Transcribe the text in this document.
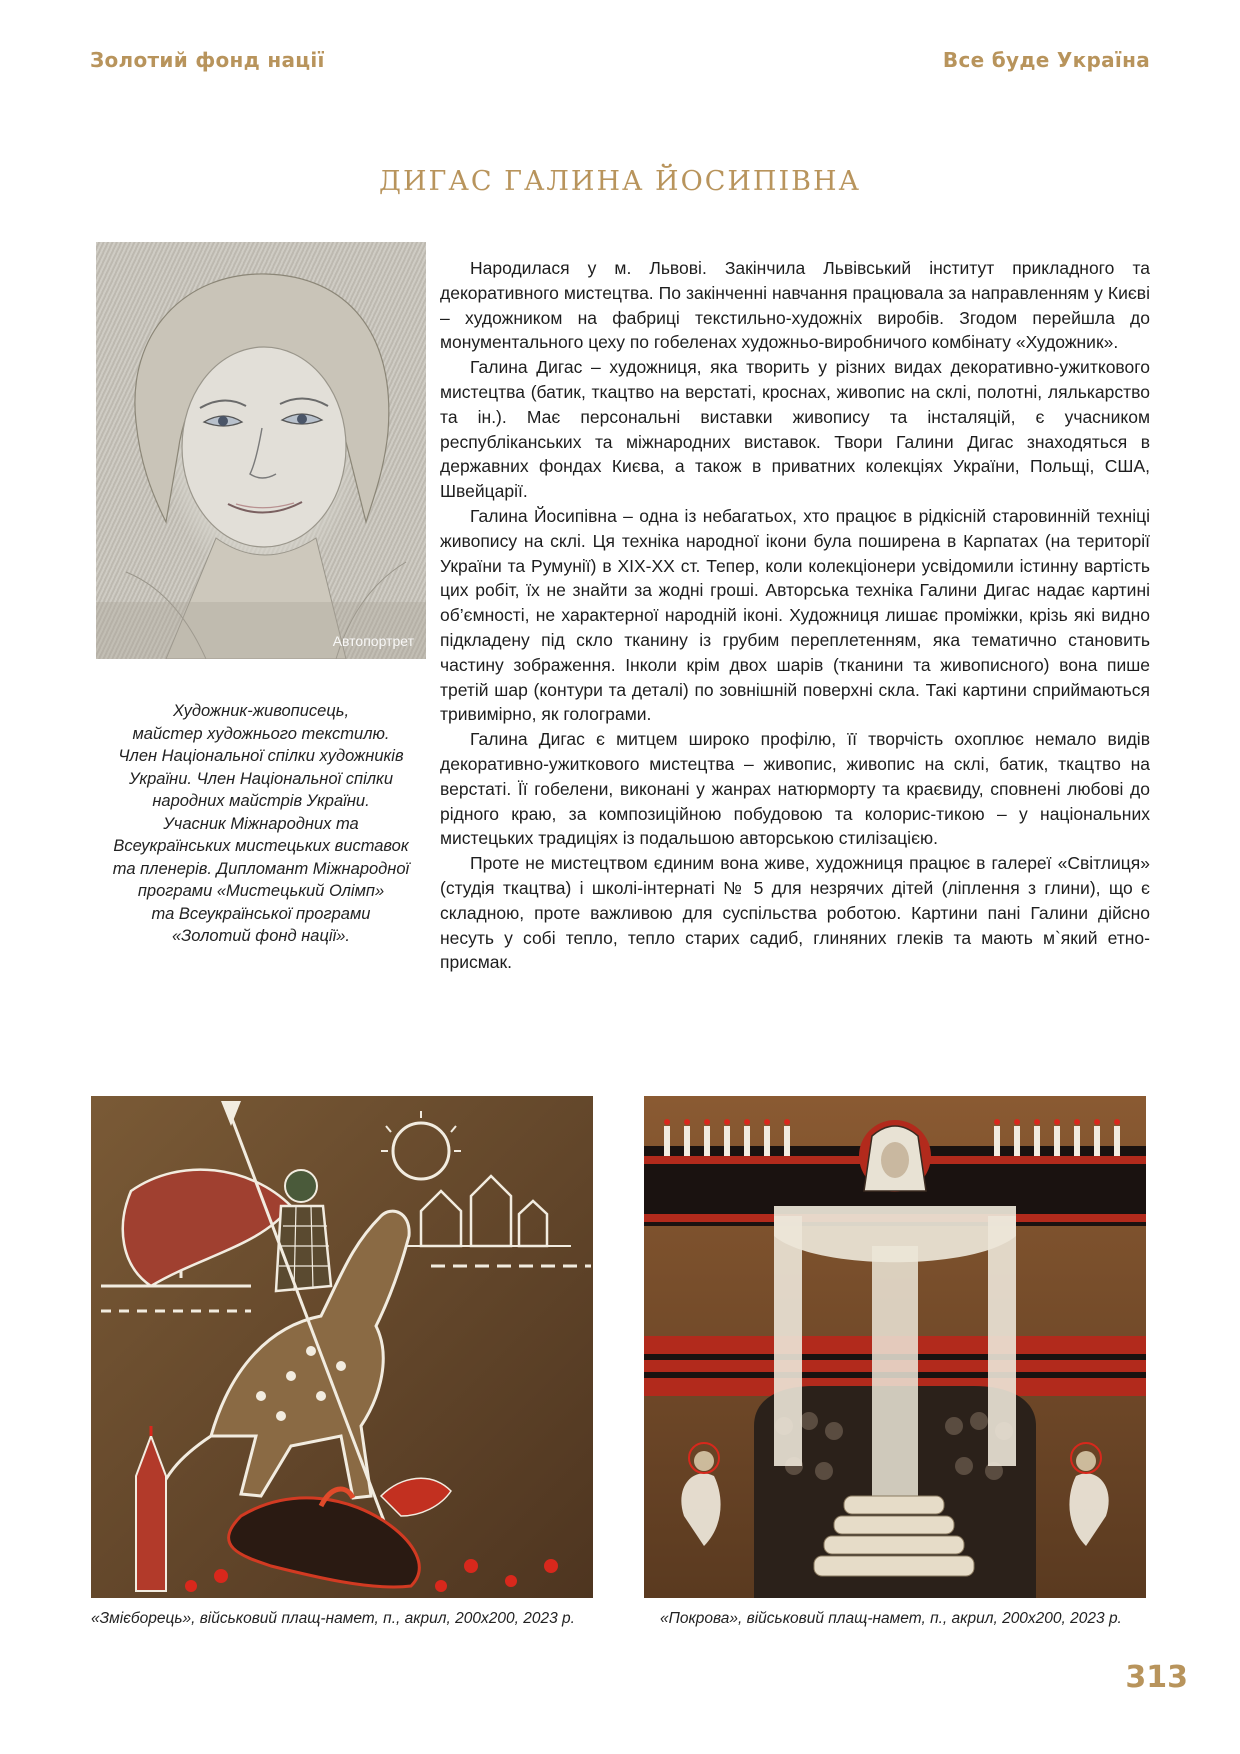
Золотий фонд нації	Все буде Україна
ДИГАС ГАЛИНА ЙОСИПІВНА
Автопортрет
Художник-живописець,
майстер художнього текстилю.
Член Національної спілки художників
України. Член Національної спілки
народних майстрів України.
Учасник Міжнародних та
Всеукраїнських мистецьких виставок
та пленерів. Дипломант Міжнародної
програми «Мистецький Олімп»
та Всеукраїнської програми
«Золотий фонд нації».

Народилася у м. Львові. Закінчила Львівський інститут прикладного та декоративного мистецтва. По закінченні навчання працювала за направленням у Києві – художником на фабриці текстильно-художніх виробів. Згодом перейшла до монументального цеху по гобеленах художньо-виробничого комбінату «Художник».

Галина Дигас – художниця, яка творить у різних видах декоративно-ужиткового мистецтва (батик, ткацтво на верстаті, кроснах, живопис на склі, полотні, лялькарство та ін.). Має персональні виставки живопису та інсталяцій, є учасником республіканських та міжнародних виставок. Твори Галини Дигас знаходяться в державних фондах Києва, а також в приватних колекціях України, Польщі, США, Швейцарії.

Галина Йосипівна – одна із небагатьох, хто працює в рідкісній старовинній техніці живопису на склі. Ця техніка народної ікони була поширена в Карпатах (на території України та Румунії) в XIX-XX ст. Тепер, коли колекціонери усвідомили істинну вартість цих робіт, їх не знайти за жодні гроші. Авторська техніка Галини Дигас надає картині об’ємності, не характерної народній іконі. Художниця лишає проміжки, крізь які видно підкладену під скло тканину із грубим переплетенням, яка тематично становить частину зображення. Інколи крім двох шарів (тканини та живописного) вона пише третій шар (контури та деталі) по зовнішній поверхні скла. Такі картини сприймаються тривимірно, як голограми.

Галина Дигас є митцем широко профілю, її творчість охоплює немало видів декоративно-ужиткового мистецтва – живопис, живопис на склі, батик, ткацтво на верстаті. Її гобелени, виконані у жанрах натюрморту та краєвиду, сповнені любові до рідного краю, за композиційною побудовою та колорис-тикою – у національних мистецьких традиціях із подальшою авторською стилізацією.

Проте не мистецтвом єдиним вона живе, художниця працює в галереї «Світлиця» (студія ткацтва) і школі-інтернаті № 5 для незрячих дітей (ліплення з глини), що є складною, проте важливою для суспільства роботою. Картини пані Галини дійсно несуть у собі тепло, тепло старих садиб, глиняних глеків та мають м`який етно-присмак.

«Змієборець», військовий плащ-намет, п., акрил, 200х200, 2023 р.	«Покрова», військовий плащ-намет, п., акрил, 200х200, 2023 р.
313
